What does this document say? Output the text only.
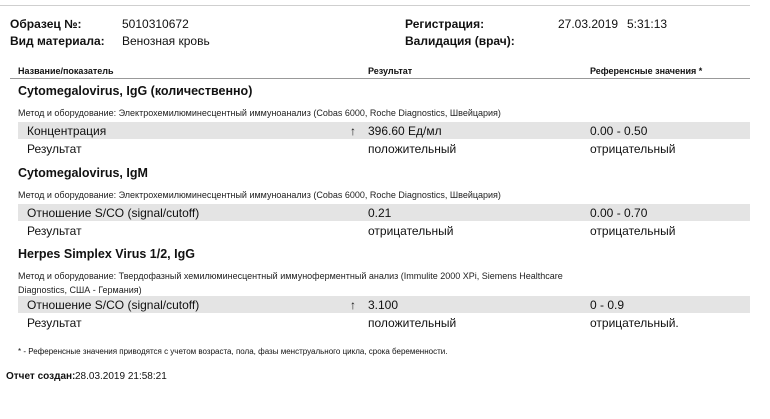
Образец №:	5010310672
Вид материала: Венозная кровь
Регистрация:	27.03.2019 5:31:13
Валидация (врач):
Название/показатель	Результат	Референсные значения *
Cytomegalovirus, IgG (количественно)
Метод и оборудование: Электрохемилюминесцентный иммуноанализ (Cobas 6000, Roche Diagnostics, Швейцария)
Концентрация	↑ 396.60 Ед/мл	0.00 - 0.50
Результат	положительный	отрицательный
Cytomegalovirus, IgM
Метод и оборудование: Электрохемилюминесцентный иммуноанализ (Cobas 6000, Roche Diagnostics, Швейцария)
Отношение S/CO (signal/cutoff)	0.21	0.00 - 0.70
Результат	отрицательный	отрицательный
Herpes Simplex Virus 1/2, IgG
Метод и оборудование: Твердофазный хемилюминесцентный иммуноферментный анализ (Immulite 2000 XPi, Siemens Healthcare
Diagnostics, США - Германия)
Отношение S/CO (signal/cutoff)	↑ 3.100	0 - 0.9
Результат	положительный	отрицательный.
* - Референсные значения приводятся с учетом возраста, пола, фазы менструального цикла, срока беременности.
Отчет создан: 28.03.2019 21:58:21
